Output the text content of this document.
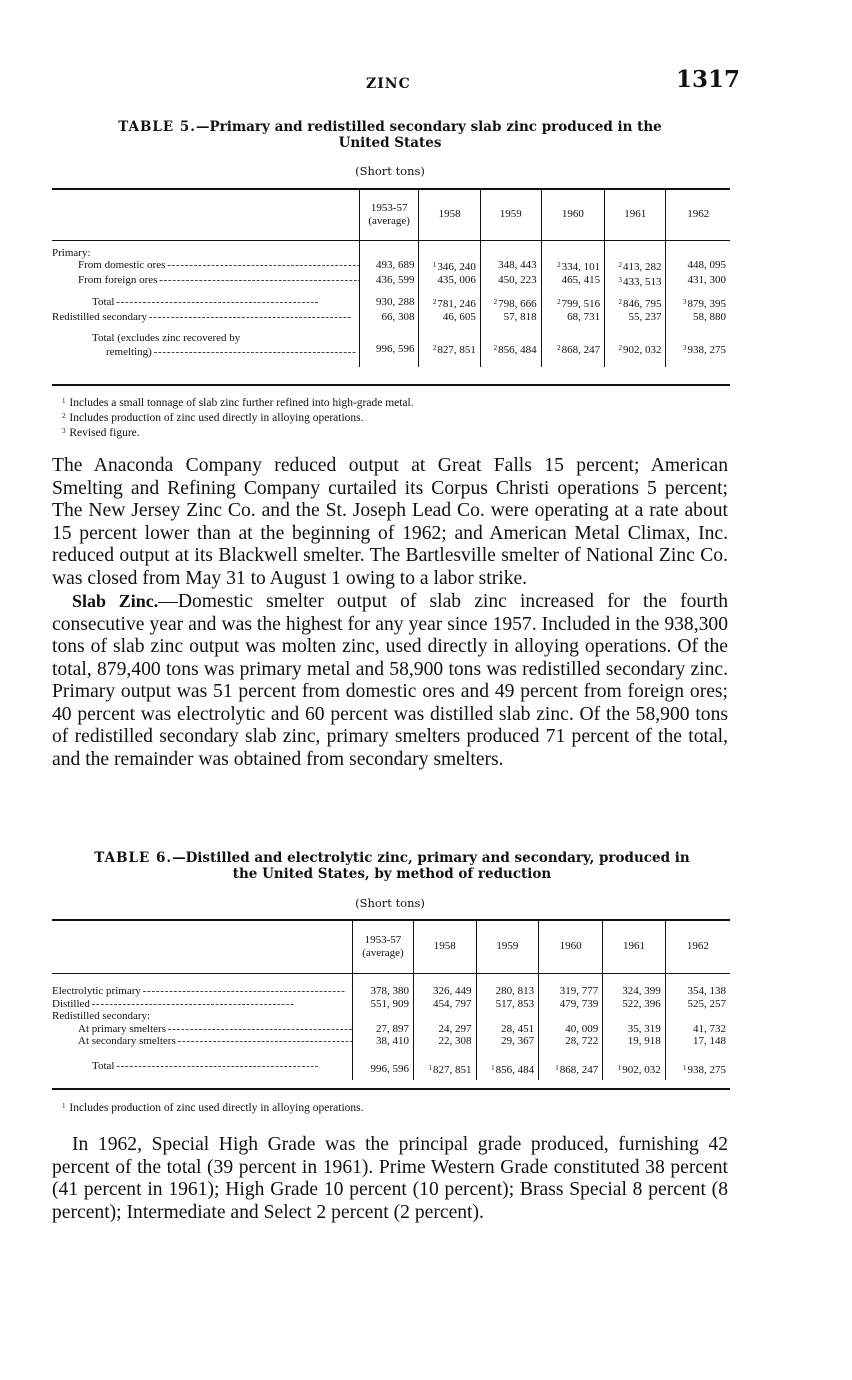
ZINC	1317
TABLE 5.—Primary and redistilled secondary slab zinc produced in the
United States
(Short tons)
	1953-57 (average)	1958	1959	1960	1961	1962
Primary:						
From domestic ores - - -	493, 689	$^1$346, 240	348, 443	$^2$334, 101	$^2$413, 282	448, 095
From foreign ores - - -	436, 599	435, 006	450, 223	465, 415	$^3$433, 513	431, 300

Total - - -	930, 288	$^2$781, 246	$^2$798, 666	$^2$799, 516	$^2$846, 795	$^3$879, 395
Redistilled secondary - - -	66, 308	46, 605	57, 818	68, 731	55, 237	58, 880

Total (excludes zinc recovered by
remelting) - - -	996, 596	$^2$827, 851	$^2$856, 484	$^2$868, 247	$^2$902, 032	$^3$938, 275
$^1$ Includes a small tonnage of slab zinc further refined into high-grade metal.
$^2$ Includes production of zinc used directly in alloying operations.
$^3$ Revised figure.

The Anaconda Company reduced output at Great Falls 15 percent; American Smelting and Refining Company curtailed its Corpus Christi operations 5 percent; The New Jersey Zinc Co. and the St. Joseph Lead Co. were operating at a rate about 15 percent lower than at the beginning of 1962; and American Metal Climax, Inc. reduced output at its Blackwell smelter. The Bartlesville smelter of National Zinc Co. was closed from May 31 to August 1 owing to a labor strike.

Slab Zinc.—Domestic smelter output of slab zinc increased for the fourth consecutive year and was the highest for any year since 1957. Included in the 938,300 tons of slab zinc output was molten zinc, used directly in alloying operations. Of the total, 879,400 tons was primary metal and 58,900 tons was redistilled secondary zinc. Primary output was 51 percent from domestic ores and 49 percent from foreign ores; 40 percent was electrolytic and 60 percent was distilled slab zinc. Of the 58,900 tons of redistilled secondary slab zinc, primary smelters produced 71 percent of the total, and the remainder was obtained from secondary smelters.

TABLE 6.—Distilled and electrolytic zinc, primary and secondary, produced in
the United States, by method of reduction
(Short tons)
	1953-57 (average)	1958	1959	1960	1961	1962

Electrolytic primary - - -	378, 380	326, 449	280, 813	319, 777	324, 399	354, 138
Distilled - - -	551, 909	454, 797	517, 853	479, 739	522, 396	525, 257
Redistilled secondary:						
At primary smelters - - -	27, 897	24, 297	28, 451	40, 009	35, 319	41, 732
At secondary smelters - - -	38, 410	22, 308	29, 367	28, 722	19, 918	17, 148

Total - - -	996, 596	$^1$827, 851	$^1$856, 484	$^1$868, 247	$^1$902, 032	$^1$938, 275
$^1$ Includes production of zinc used directly in alloying operations.

In 1962, Special High Grade was the principal grade produced, furnishing 42 percent of the total (39 percent in 1961). Prime Western Grade constituted 38 percent (41 percent in 1961); High Grade 10 percent (10 percent); Brass Special 8 percent (8 percent); Intermediate and Select 2 percent (2 percent).
